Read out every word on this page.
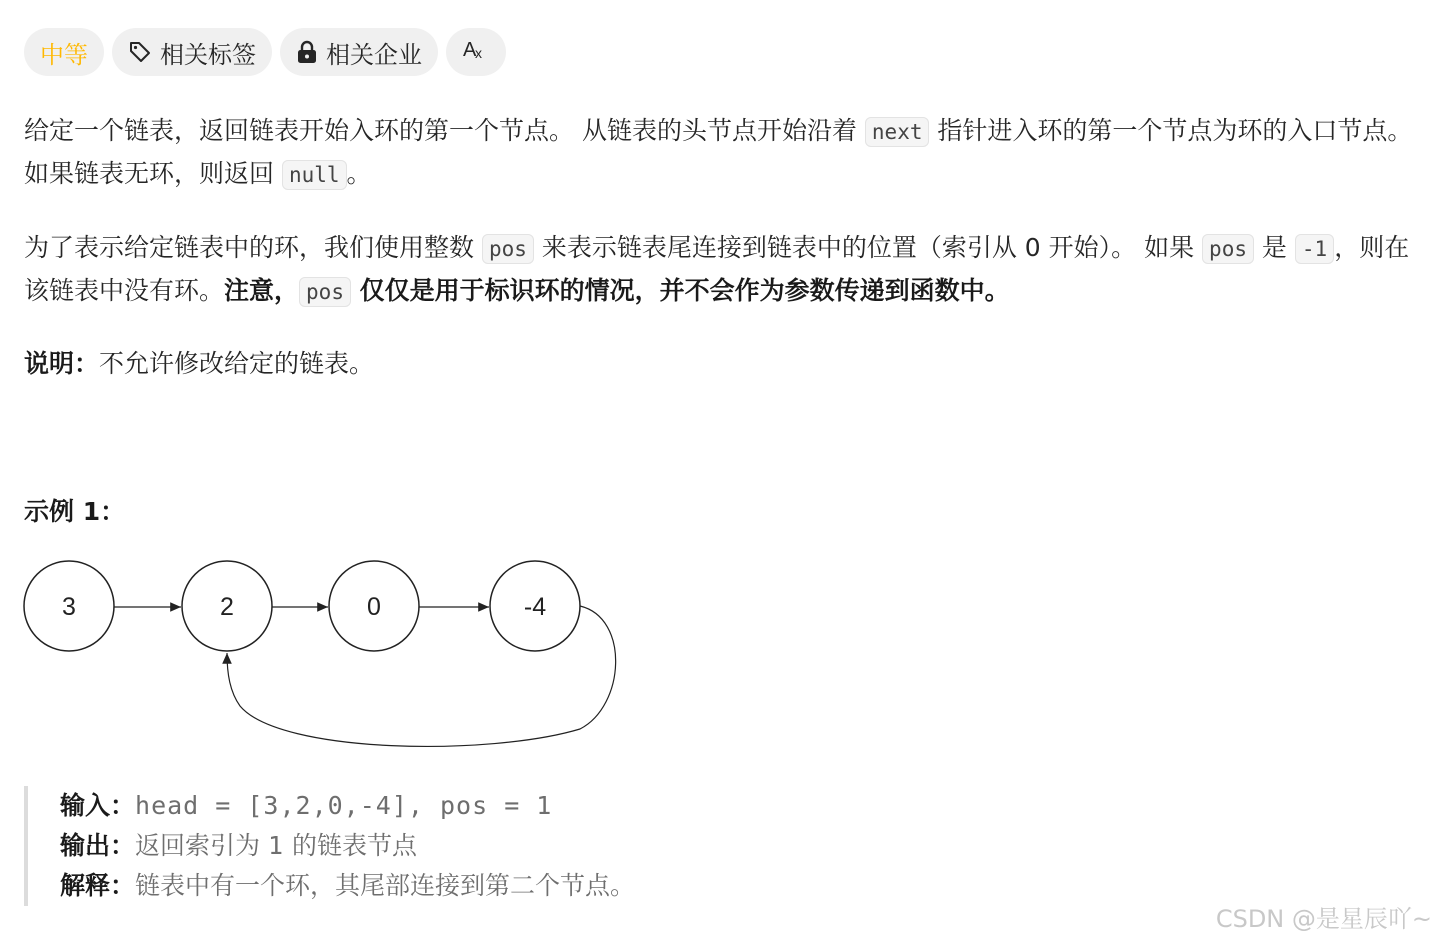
中等	相关标签	相关企业 A
x
给定一个链表，返回链表开始入环的第一个节点。 从链表的头节点开始沿着 next 指针进入环的第一个节点为环的入口节点。如果链表无环，则返回 null 。
为了表示给定链表中的环，我们使用整数 pos 来表示链表尾连接到链表中的位置（索引从 0 开始）。 如果 pos 是 -1 ，则在该链表中没有环。注意， pos 仅仅是用于标识环的情况，并不会作为参数传递到函数中。
说明：不允许修改给定的链表。
示例 1：
3	2	0	-4
输入：head = [3,2,0,-4], pos = 1
输出：返回索引为 1 的链表节点
解释：链表中有一个环，其尾部连接到第二个节点。
CSDN @是星辰吖~
